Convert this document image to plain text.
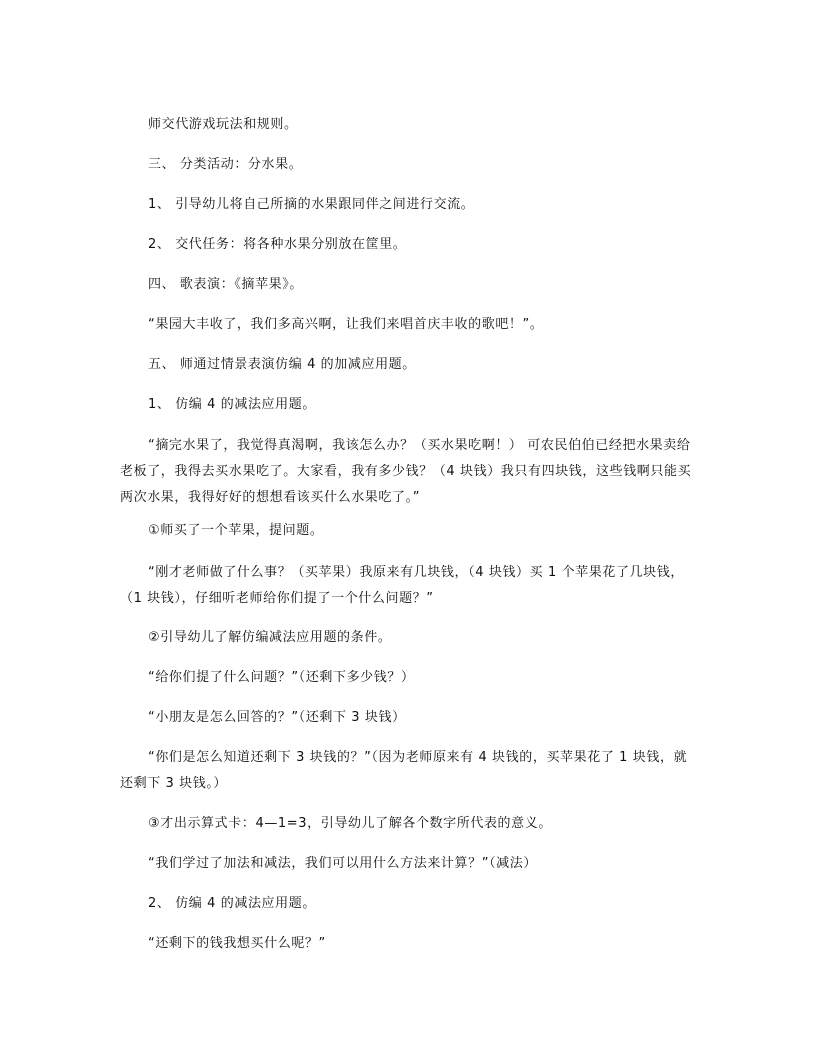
师交代游戏玩法和规则。
三、 分类活动：分水果。
1、 引导幼儿将自己所摘的水果跟同伴之间进行交流。
2、 交代任务：将各种水果分别放在筐里。
四、 歌表演：《摘苹果》。
“果园大丰收了，我们多高兴啊，让我们来唱首庆丰收的歌吧！”。
五、 师通过情景表演仿编 4 的加减应用题。
1、 仿编 4 的减法应用题。
“摘完水果了，我觉得真渴啊，我该怎么办？（买水果吃啊！） 可农民伯伯已经把水果卖给老板了，我得去买水果吃了。大家看，我有多少钱？（4 块钱）我只有四块钱，这些钱啊只能买两次水果，我得好好的想想看该买什么水果吃了。”
①师买了一个苹果，提问题。
“刚才老师做了什么事？（买苹果）我原来有几块钱，（4 块钱）买 1 个苹果花了几块钱，（1 块钱），仔细听老师给你们提了一个什么问题？”
②引导幼儿了解仿编减法应用题的条件。
“给你们提了什么问题？”（还剩下多少钱？）
“小朋友是怎么回答的？”（还剩下 3 块钱）
“你们是怎么知道还剩下 3 块钱的？”（因为老师原来有 4 块钱的，买苹果花了 1 块钱，就还剩下 3 块钱。）
③才出示算式卡：4—1=3，引导幼儿了解各个数字所代表的意义。
“我们学过了加法和减法，我们可以用什么方法来计算？”（减法）
2、 仿编 4 的减法应用题。
“还剩下的钱我想买什么呢？”
